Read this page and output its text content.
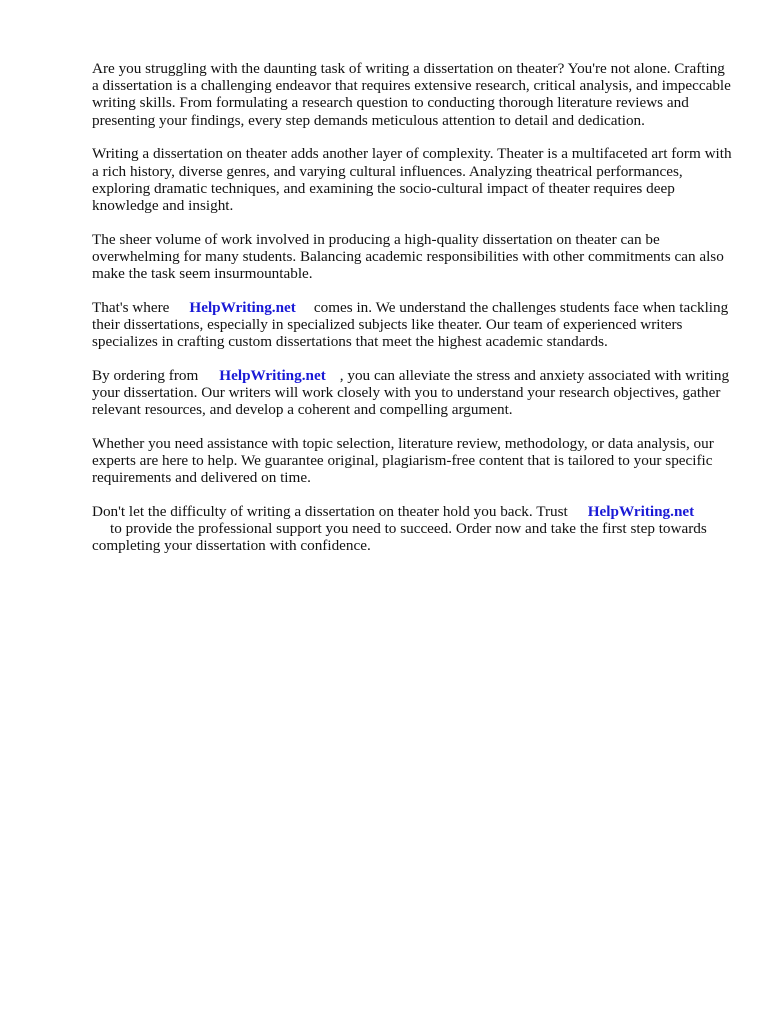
Are you struggling with the daunting task of writing a dissertation on theater? You're not alone. Crafting a dissertation is a challenging endeavor that requires extensive research, critical analysis, and impeccable writing skills. From formulating a research question to conducting thorough literature reviews and presenting your findings, every step demands meticulous attention to detail and dedication.

Writing a dissertation on theater adds another layer of complexity. Theater is a multifaceted art form with a rich history, diverse genres, and varying cultural influences. Analyzing theatrical performances, exploring dramatic techniques, and examining the socio-cultural impact of theater requires deep knowledge and insight.

The sheer volume of work involved in producing a high-quality dissertation on theater can be overwhelming for many students. Balancing academic responsibilities with other commitments can also make the task seem insurmountable.

That's where HelpWriting.net comes in. We understand the challenges students face when tackling their dissertations, especially in specialized subjects like theater. Our team of experienced writers specializes in crafting custom dissertations that meet the highest academic standards.

By ordering from HelpWriting.net , you can alleviate the stress and anxiety associated with writing your dissertation. Our writers will work closely with you to understand your research objectives, gather relevant resources, and develop a coherent and compelling argument.

Whether you need assistance with topic selection, literature review, methodology, or data analysis, our experts are here to help. We guarantee original, plagiarism-free content that is tailored to your specific requirements and delivered on time.

Don't let the difficulty of writing a dissertation on theater hold you back. Trust HelpWriting.net
to provide the professional support you need to succeed. Order now and take the first step towards completing your dissertation with confidence.
